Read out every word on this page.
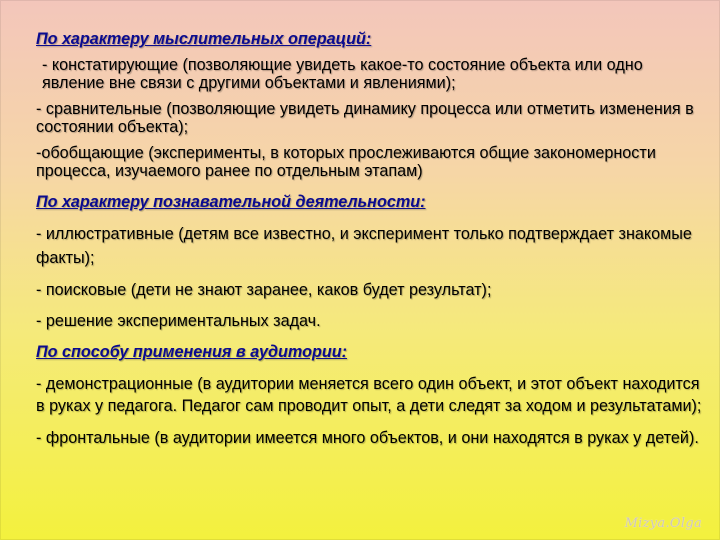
По характеру мыслительных операций:

- констатирующие (позволяющие увидеть какое-то состояние объекта или одно явление вне связи с другими объектами и явлениями);

- сравнительные (позволяющие увидеть динамику процесса или отметить изменения в состоянии объекта);

-обобщающие (эксперименты, в которых прослеживаются общие закономерности процесса, изучаемого ранее по отдельным этапам)

По характеру познавательной деятельности:

- иллюстративные (детям все известно, и эксперимент только подтверждает знакомые факты);

- поисковые (дети не знают заранее, каков будет результат);

- решение экспериментальных задач.

По способу применения в аудитории:

- демонстрационные (в аудитории меняется всего один объект, и этот объект находится в руках у педагога. Педагог сам проводит опыт, а дети следят за ходом и результатами);

- фронтальные (в аудитории имеется много объектов, и они находятся в руках у детей).

Mizya.Olga
